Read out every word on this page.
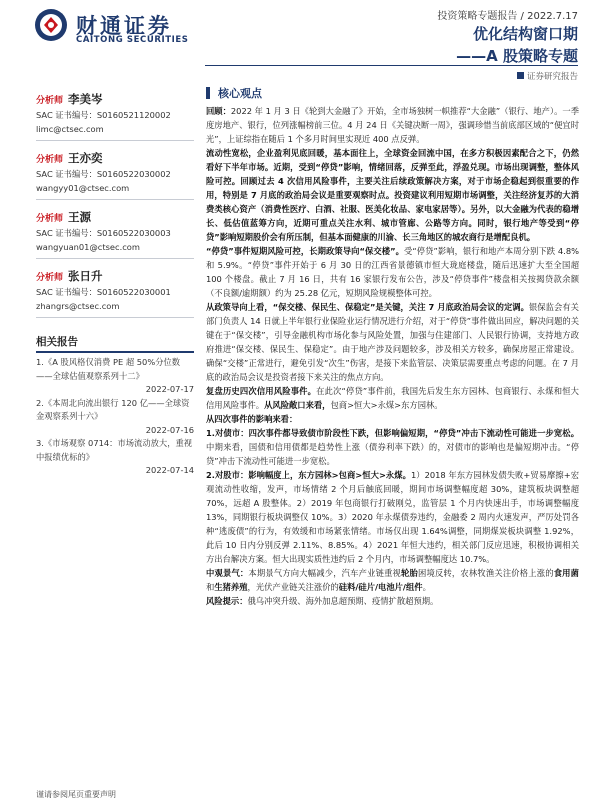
财通证券
CAITONG SECURITIES
投资策略专题报告 / 2022.7.17
优化结构窗口期
——A 股策略专题
证券研究报告
分析师 李美岑
SAC 证书编号：S0160521120002
limc@ctsec.com
分析师 王亦奕
SAC 证书编号：S0160522030002
wangyy01@ctsec.com
分析师 王源
SAC 证书编号：S0160522030003
wangyuan01@ctsec.com
分析师 张日升
SAC 证书编号：S0160522030001
zhangrs@ctsec.com
相关报告
1.《A 股风格仅消费 PE 超 50%分位数——全球估值观察系列十二》
2022-07-17
2.《本周北向流出银行 120 亿——全球资金观察系列十六》
2022-07-16
3.《市场观察 0714：市场流动放大，重视中报绩优标的》
2022-07-14
核心观点

回顾：2022 年 1 月 3 日《轮到大金融了》开始，全市场独树一帜推荐“大金融”（银行、地产）。一季度房地产、银行，位列涨幅榜前三位。4 月 24 日《关键决断一周》，强调珍惜当前底部区域的“便宜时光”，上证综指在随后 1 个多月时间里实现近 400 点反弹。

流动性宽松，企业盈利见底回暖，基本面往上，全球资金回流中国，在多方积极因素配合之下，仍然看好下半年市场。近期，受到“停贷”影响，情绪回落，反弹至此，浮盈兑现。市场出现调整，整体风险可控。回顾过去 4 次信用风险事件，主要关注后续政策解决方案，对于市场企稳起到很重要的作用，特别是 7 月底的政治局会议是重要观察时点。投资建议利用短期市场调整，关注经济复苏的大消费类核心资产（消费性医疗、白酒、社服、医美化妆品、家电家居等）。另外，以大金融为代表的稳增长、低估值蓝筹方向，近期可重点关注水利、城市管廊、公路等方向。同时，银行地产等受到“停贷”影响短期股价会有所压制，但基本面健康的川渝、长三角地区的城农商行是增配良机。

“停贷”事件短期风险可控，长期政策导向“保交楼”。受“停贷”影响，银行和地产本周分别下跌 4.8%和 5.9%。“停贷”事件开始于 6 月 30 日的江西省景德镇市恒大珑庭楼盘，随后迅速扩大至全国超 100 个楼盘。截止 7 月 16 日，共有 16 家银行发布公告，涉及“停贷事件”楼盘相关按揭贷款余额（不良额/逾期额）约为 25.28 亿元，短期风险规模整体可控。

从政策导向上看，“保交楼、保民生、保稳定”是关键，关注 7 月底政治局会议的定调。银保监会有关部门负责人 14 日就上半年银行业保险业运行情况进行介绍，对于“停贷”事件做出回应，解决问题的关键在于“保交楼”，引导金融机构市场化参与风险处置，加强与住建部门、人民银行协调，支持地方政府推进“保交楼、保民生、保稳定”。由于地产涉及问题较多，涉及相关方较多，确保房屋正常建设。确保“交楼”正常进行，避免引发“次生”伤害，是接下来监管层、决策层需要重点考虑的问题。在 7 月底的政治局会议是投资者接下来关注的焦点方向。

复盘历史四次信用风险事件。在此次“停贷”事件前，我国先后发生东方园林、包商银行、永煤和恒大信用风险事件。从风险敞口来看，包商>恒大>永煤>东方园林。

从四次事件的影响来看：

1.对债市：四次事件都导致债市阶段性下跌，但影响偏短期，“停贷”冲击下流动性可能进一步宽松。中期来看，国债和信用债都是趋势性上涨（债券利率下跌）的，对债市的影响也是偏短期冲击。“停贷”冲击下流动性可能进一步宽松。

2.对股市：影响幅度上，东方园林>包商>恒大>永煤。1）2018 年东方园林发债失败+贸易摩擦+宏观流动性收缩，发声，市场情绪 2 个月后触底回暖，期间市场调整幅度超 30%，建筑板块调整超 70%，远超 A 股整体。2）2019 年包商银行打破刚兑，监管层 1 个月内快速出手，市场调整幅度 13%，同期银行板块调整仅 10%。3）2020 年永煤债券违约，金融委 2 周内火速发声，严厉处罚各种“逃废债”的行为，有效缓和市场紧张情绪。市场仅出现 1.64%调整，同期煤炭板块调整 1.92%，此后 10 日内分别反弹 2.11%、8.85%。4）2021 年恒大违约，相关部门反应迅速，积极协调相关方出台解决方案。恒大出现实质性违约后 2 个月内，市场调整幅度达 10.7%。

中观景气：本期景气方向大幅减少，汽车产业链重视轮胎困境反转，农林牧渔关注价格上涨的食用菌和生猪养殖，光伏产业链关注涨价的硅料/硅片/电池片/组件。

风险提示：俄乌冲突升级、海外加息超预期、疫情扩散超预期。

谨请参阅尾页重要声明
